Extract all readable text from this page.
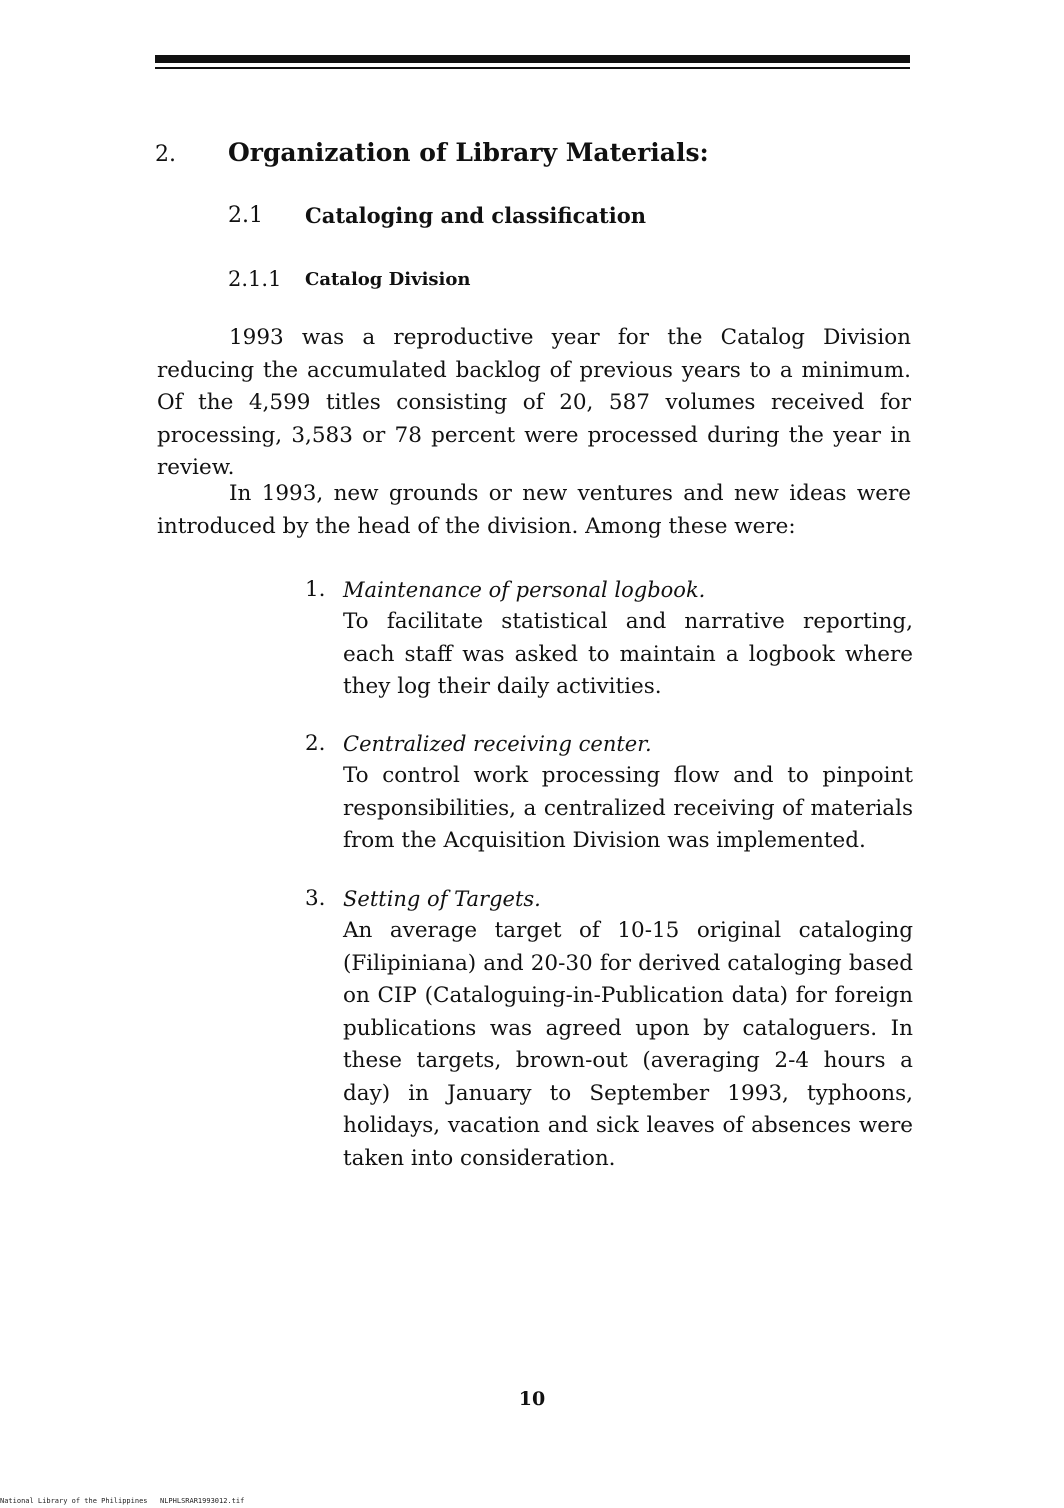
2. Organization of Library Materials:
2.1 Cataloging and classification
2.1.1 Catalog Division

1993 was a reproductive year for the Catalog Division reducing the accumulated backlog of previous years to a minimum. Of the 4,599 titles consisting of 20, 587 volumes received for processing, 3,583 or 78 percent were processed during the year in review.

In 1993, new grounds or new ventures and new ideas were introduced by the head of the division. Among these were:

1. Maintenance of personal logbook.

To facilitate statistical and narrative reporting, each staff was asked to maintain a logbook where they log their daily activities.

2. Centralized receiving center.

To control work processing flow and to pinpoint responsibilities, a centralized receiving of materials from the Acquisition Division was implemented.

3. Setting of Targets.

An average target of 10-15 original cataloging (Filipiniana) and 20-30 for derived cataloging based on CIP (Cataloguing-in-Publication data) for foreign publications was agreed upon by cataloguers. In these targets, brown-out (averaging 2-4 hours a day) in January to September 1993, typhoons, holidays, vacation and sick leaves of absences were taken into consideration.

10
National Library of the Philippines NLPHLSRAR1993012.tif
